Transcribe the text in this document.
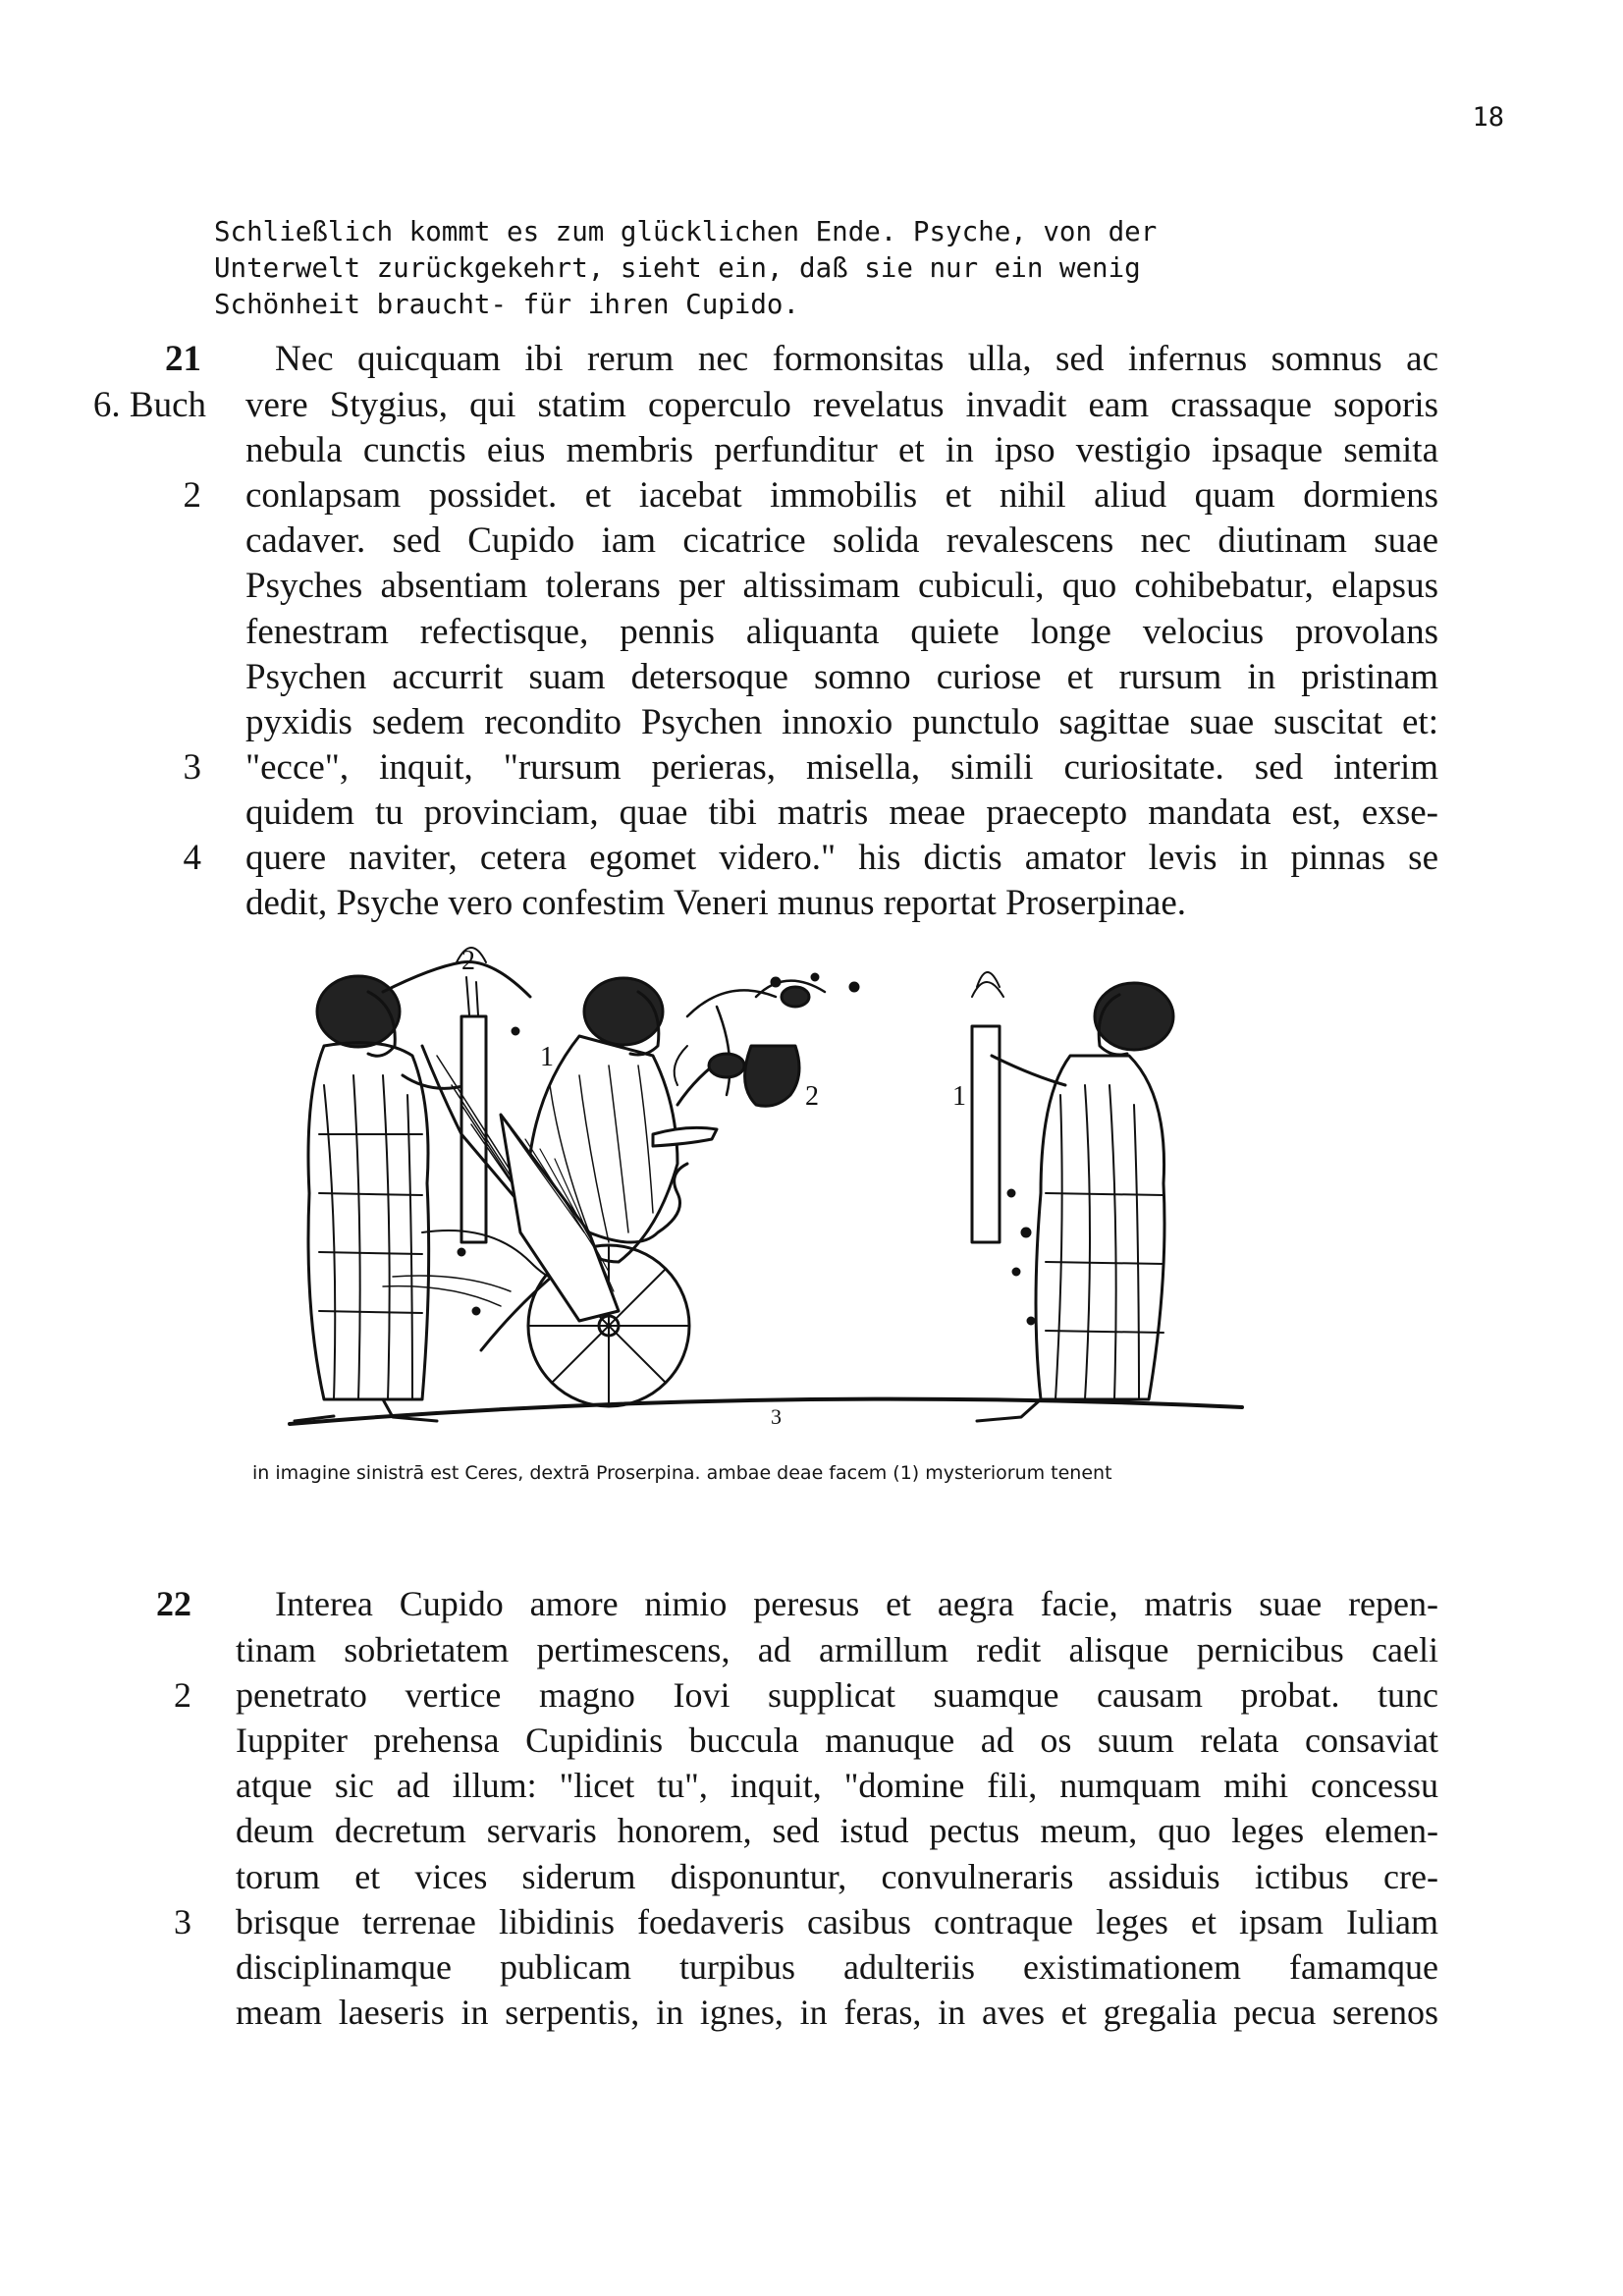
18
Schließlich kommt es zum glücklichen Ende. Psyche, von der
Unterwelt zurückgekehrt, sieht ein, daß sie nur ein wenig
Schönheit braucht- für ihren Cupido.
21 Nec quicquam ibi rerum nec formonsitas ulla, sed infernus somnus ac
6. Buch vere Stygius, qui statim coperculo revelatus invadit eam crassaque soporis
nebula cunctis eius membris perfunditur et in ipso vestigio ipsaque semita
2 conlapsam possidet. et iacebat immobilis et nihil aliud quam dormiens
cadaver. sed Cupido iam cicatrice solida revalescens nec diutinam suae
Psyches absentiam tolerans per altissimam cubiculi, quo cohibebatur, elapsus
fenestram refectisque, pennis aliquanta quiete longe velocius provolans
Psychen accurrit suam detersoque somno curiose et rursum in pristinam
pyxidis sedem recondito Psychen innoxio punctulo sagittae suae suscitat et:
3 "ecce", inquit, "rursum perieras, misella, simili curiositate. sed interim
quidem tu provinciam, quae tibi matris meae praecepto mandata est, exse-
4 quere naviter, cetera egomet videro." his dictis amator levis in pinnas se
dedit, Psyche vero confestim Veneri munus reportat Proserpinae.
2
1
2	1
3
in imagine sinistrā est Ceres, dextrā Proserpina. ambae deae facem (1) mysteriorum tenent
22 Interea Cupido amore nimio peresus et aegra facie, matris suae repen-
tinam sobrietatem pertimescens, ad armillum redit alisque pernicibus caeli
2 penetrato vertice magno Iovi supplicat suamque causam probat. tunc
Iuppiter prehensa Cupidinis buccula manuque ad os suum relata consaviat
atque sic ad illum: "licet tu", inquit, "domine fili, numquam mihi concessu
deum decretum servaris honorem, sed istud pectus meum, quo leges elemen-
torum et vices siderum disponuntur, convulneraris assiduis ictibus cre-
3 brisque terrenae libidinis foedaveris casibus contraque leges et ipsam Iuliam
disciplinamque publicam turpibus adulteriis existimationem famamque
meam laeseris in serpentis, in ignes, in feras, in aves et gregalia pecua serenos
